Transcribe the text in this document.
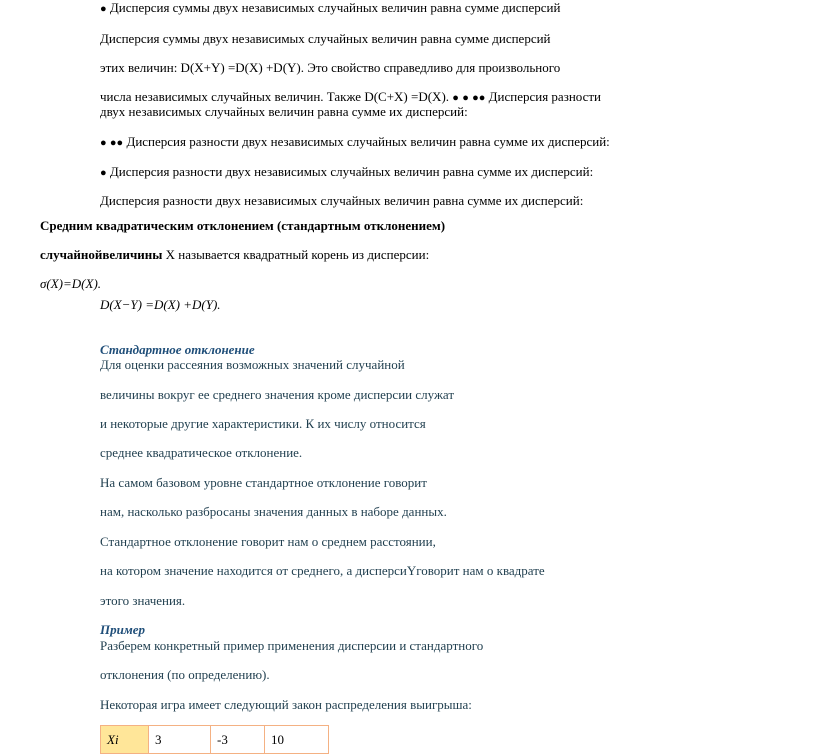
● Дисперсия суммы двух независимых случайных величин равна сумме дисперсий
Дисперсия суммы двух независимых случайных величин равна сумме дисперсий
этих величин: D(X+Y) =D(X) +D(Y). Это свойство справедливо для произвольного
числа независимых случайных величин. Также D(C+X) =D(X). ● ● ●● Дисперсия разности
двух независимых случайных величин равна сумме их дисперсий:
● ●● Дисперсия разности двух независимых случайных величин равна сумме их дисперсий:
● Дисперсия разности двух независимых случайных величин равна сумме их дисперсий:
Дисперсия разности двух независимых случайных величин равна сумме их дисперсий:
Средним квадратическим отклонением (стандартным отклонением)
случайнойвеличины X называется квадратный корень из дисперсии:
σ(X)=D(X).
D(X−Y) =D(X) +D(Y).
Стандартное отклонение
Для оценки рассеяния возможных значений случайной
величины вокруг ее среднего значения кроме дисперсии служат
и некоторые другие характеристики. К их числу относится
среднее квадратическое отклонение.
На самом базовом уровне стандартное отклонение говорит
нам, насколько разбросаны значения данных в наборе данных.
Стандартное отклонение говорит нам о среднем расстоянии,
на котором значение находится от среднего, а дисперсиYговорит нам о квадрате
этого значения.
Пример
Разберем конкретный пример применения дисперсии и стандартного
отклонения (по определению).
Некоторая игра имеет следующий закон распределения выигрыша:
Xi	3	-3	10
